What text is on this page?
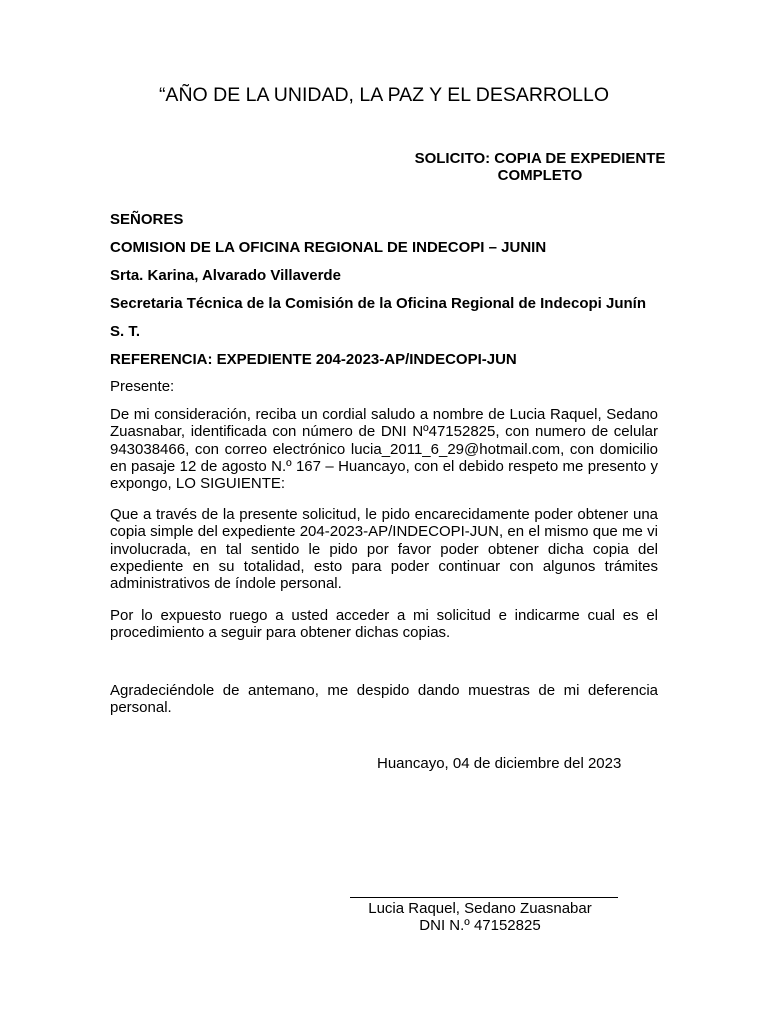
“AÑO DE LA UNIDAD, LA PAZ Y EL DESARROLLO
SOLICITO: COPIA DE EXPEDIENTE
COMPLETO
SEÑORES
COMISION DE LA OFICINA REGIONAL DE INDECOPI – JUNIN
Srta. Karina, Alvarado Villaverde
Secretaria Técnica de la Comisión de la Oficina Regional de Indecopi Junín
S. T.
REFERENCIA: EXPEDIENTE 204-2023-AP/INDECOPI-JUN
Presente:
De mi consideración, reciba un cordial saludo a nombre de Lucia Raquel, Sedano Zuasnabar, identificada con número de DNI Nº47152825, con numero de celular 943038466, con correo electrónico lucia_2011_6_29@hotmail.com, con domicilio en pasaje 12 de agosto N.º 167 – Huancayo, con el debido respeto me presento y expongo, LO SIGUIENTE:
Que a través de la presente solicitud, le pido encarecidamente poder obtener una copia simple del expediente 204-2023-AP/INDECOPI-JUN, en el mismo que me vi involucrada, en tal sentido le pido por favor poder obtener dicha copia del expediente en su totalidad, esto para poder continuar con algunos trámites administrativos de índole personal.
Por lo expuesto ruego a usted acceder a mi solicitud e indicarme cual es el procedimiento a seguir para obtener dichas copias.
Agradeciéndole de antemano, me despido dando muestras de mi deferencia personal.
Huancayo, 04 de diciembre del 2023
Lucia Raquel, Sedano Zuasnabar
DNI N.º 47152825
